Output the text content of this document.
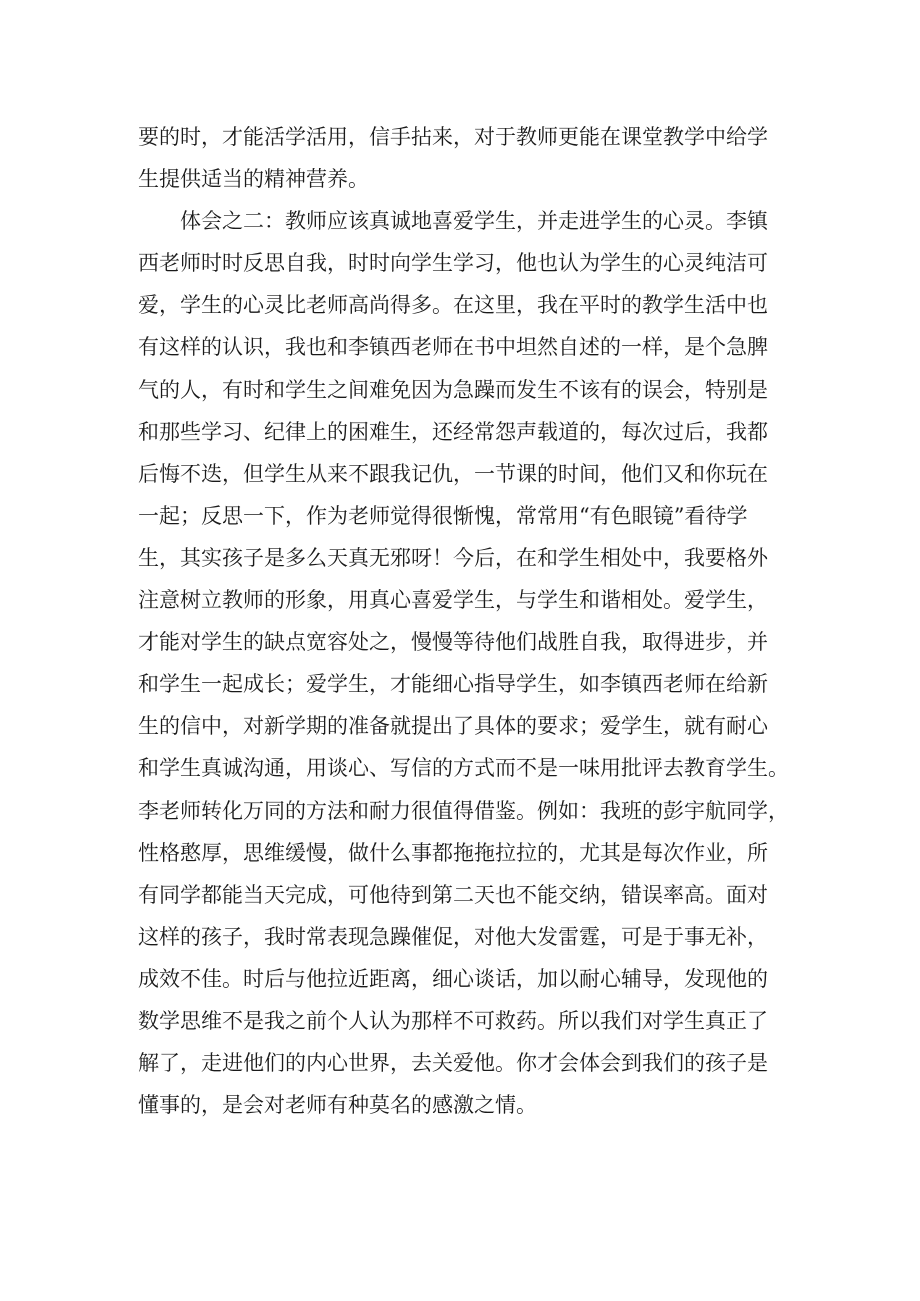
要的时，才能活学活用，信手拈来，对于教师更能在课堂教学中给学
生提供适当的精神营养。
　　体会之二：教师应该真诚地喜爱学生，并走进学生的心灵。李镇
西老师时时反思自我，时时向学生学习，他也认为学生的心灵纯洁可
爱，学生的心灵比老师高尚得多。在这里，我在平时的教学生活中也
有这样的认识，我也和李镇西老师在书中坦然自述的一样，是个急脾
气的人，有时和学生之间难免因为急躁而发生不该有的误会，特别是
和那些学习、纪律上的困难生，还经常怨声载道的，每次过后，我都
后悔不迭，但学生从来不跟我记仇，一节课的时间，他们又和你玩在
一起；反思一下，作为老师觉得很惭愧，常常用“有色眼镜”看待学
生，其实孩子是多么天真无邪呀！今后，在和学生相处中，我要格外
注意树立教师的形象，用真心喜爱学生，与学生和谐相处。爱学生，
才能对学生的缺点宽容处之，慢慢等待他们战胜自我，取得进步，并
和学生一起成长；爱学生，才能细心指导学生，如李镇西老师在给新
生的信中，对新学期的准备就提出了具体的要求；爱学生，就有耐心
和学生真诚沟通，用谈心、写信的方式而不是一味用批评去教育学生。
李老师转化万同的方法和耐力很值得借鉴。例如：我班的彭宇航同学，
性格憨厚，思维缓慢，做什么事都拖拖拉拉的，尤其是每次作业，所
有同学都能当天完成，可他待到第二天也不能交纳，错误率高。面对
这样的孩子，我时常表现急躁催促，对他大发雷霆，可是于事无补，
成效不佳。时后与他拉近距离，细心谈话，加以耐心辅导，发现他的
数学思维不是我之前个人认为那样不可救药。所以我们对学生真正了
解了，走进他们的内心世界，去关爱他。你才会体会到我们的孩子是
懂事的，是会对老师有种莫名的感激之情。
